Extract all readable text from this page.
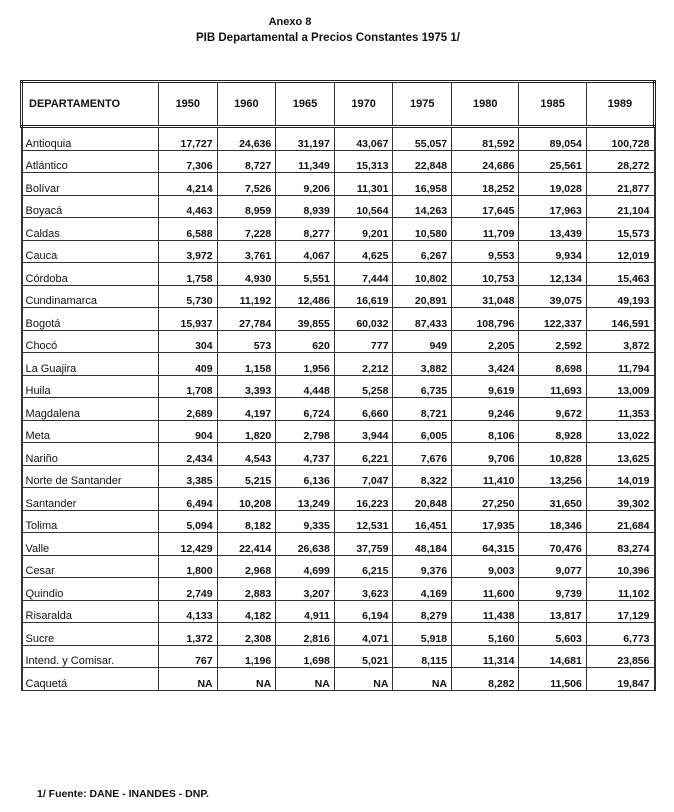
Anexo 8
PIB Departamental a Precios Constantes 1975 1/
DEPARTAMENTO	1950	1960	1965	1970	1975	1980	1985	1989
Antioquia	17,727	24,636	31,197	43,067	55,057	81,592	89,054	100,728
Atlántico	7,306	8,727	11,349	15,313	22,848	24,686	25,561	28,272
Bolívar	4,214	7,526	9,206	11,301	16,958	18,252	19,028	21,877
Boyacá	4,463	8,959	8,939	10,564	14,263	17,645	17,963	21,104
Caldas	6,588	7,228	8,277	9,201	10,580	11,709	13,439	15,573
Cauca	3,972	3,761	4,067	4,625	6,267	9,553	9,934	12,019
Córdoba	1,758	4,930	5,551	7,444	10,802	10,753	12,134	15,463
Cundinamarca	5,730	11,192	12,486	16,619	20,891	31,048	39,075	49,193
Bogotá	15,937	27,784	39,855	60,032	87,433	108,796	122,337	146,591
Chocó	304	573	620	777	949	2,205	2,592	3,872
La Guajira	409	1,158	1,956	2,212	3,882	3,424	8,698	11,794
Huila	1,708	3,393	4,448	5,258	6,735	9,619	11,693	13,009
Magdalena	2,689	4,197	6,724	6,660	8,721	9,246	9,672	11,353
Meta	904	1,820	2,798	3,944	6,005	8,106	8,928	13,022
Nariño	2,434	4,543	4,737	6,221	7,676	9,706	10,828	13,625
Norte de Santander	3,385	5,215	6,136	7,047	8,322	11,410	13,256	14,019
Santander	6,494	10,208	13,249	16,223	20,848	27,250	31,650	39,302
Tolima	5,094	8,182	9,335	12,531	16,451	17,935	18,346	21,684
Valle	12,429	22,414	26,638	37,759	48,184	64,315	70,476	83,274
Cesar	1,800	2,968	4,699	6,215	9,376	9,003	9,077	10,396
Quindio	2,749	2,883	3,207	3,623	4,169	11,600	9,739	11,102
Risaralda	4,133	4,182	4,911	6,194	8,279	11,438	13,817	17,129
Sucre	1,372	2,308	2,816	4,071	5,918	5,160	5,603	6,773
Intend. y Comisar.	767	1,196	1,698	5,021	8,115	11,314	14,681	23,856
Caquetá	NA	NA	NA	NA	NA	8,282	11,506	19,847
1/ Fuente: DANE - INANDES - DNP.
